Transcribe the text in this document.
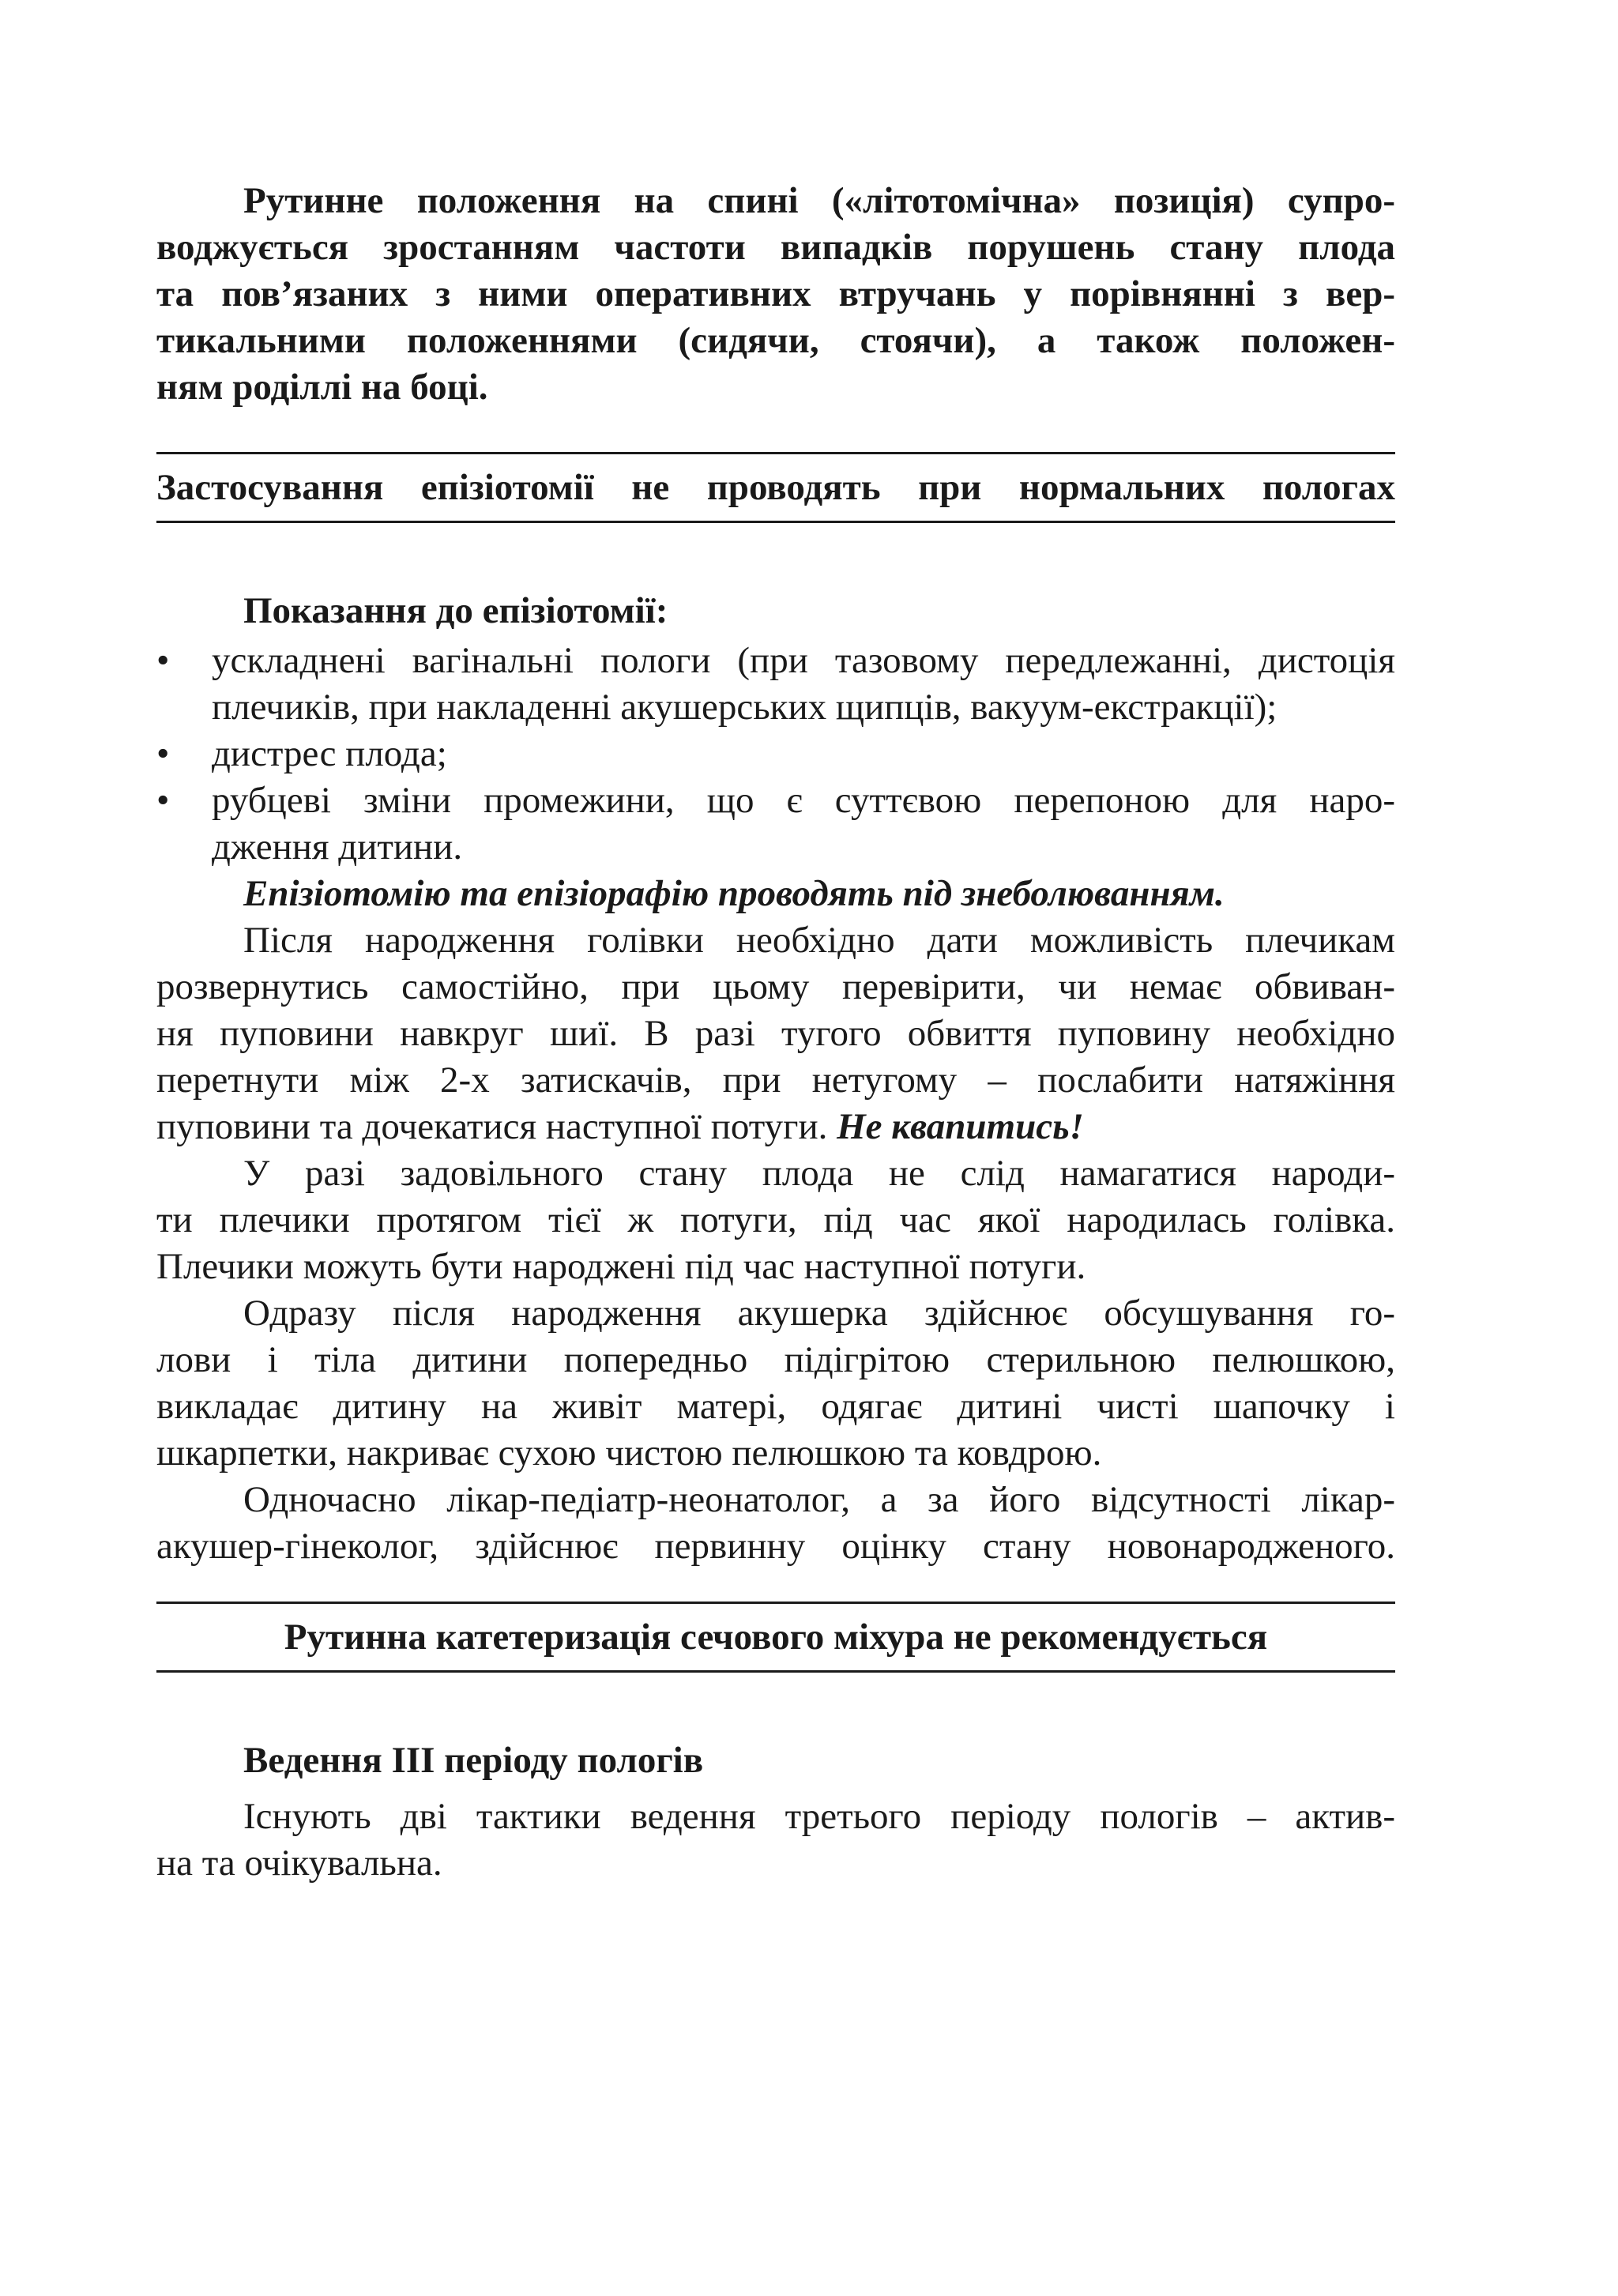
Рутинне положення на спині («літотомічна» позиція) супро-
воджується зростанням частоти випадків порушень стану плода
та пов’язаних з ними оперативних втручань у порівнянні з вер-
тикальними положеннями (сидячи, стоячи), а також положен-
ням роділлі на боці.
Застосування епізіотомії не проводять при нормальних пологах
Показання до епізіотомії:
•	ускладнені вагінальні пологи (при тазовому передлежанні, дистоція
плечиків, при накладенні акушерських щипців, вакуум-екстракції);
•	дистрес плода;
•	рубцеві зміни промежини, що є суттєвою перепоною для наро-
дження дитини.
Епізіотомію та епізіорафію проводять під знеболюванням.
Після народження голівки необхідно дати можливість плечикам
розвернутись самостійно, при цьому перевірити, чи немає обвиван-
ня пуповини навкруг шиї. В разі тугого обвиття пуповину необхідно
перетнути між 2-х затискачів, при нетугому – послабити натяжіння
пуповини та дочекатися наступної потуги. Не квапитись!
У разі задовільного стану плода не слід намагатися народи-
ти плечики протягом тієї ж потуги, під час якої народилась голівка.
Плечики можуть бути народжені під час наступної потуги.
Одразу після народження акушерка здійснює обсушування го-
лови і тіла дитини попередньо підігрітою стерильною пелюшкою,
викладає дитину на живіт матері, одягає дитині чисті шапочку і
шкарпетки, накриває сухою чистою пелюшкою та ковдрою.
Одночасно лікар-педіатр-неонатолог, а за його відсутності лікар-
акушер-гінеколог, здійснює первинну оцінку стану новонародженого.
Рутинна катетеризація сечового міхура не рекомендується
Ведення ІІІ періоду пологів
Існують дві тактики ведення третього періоду пологів – актив-
на та очікувальна.
